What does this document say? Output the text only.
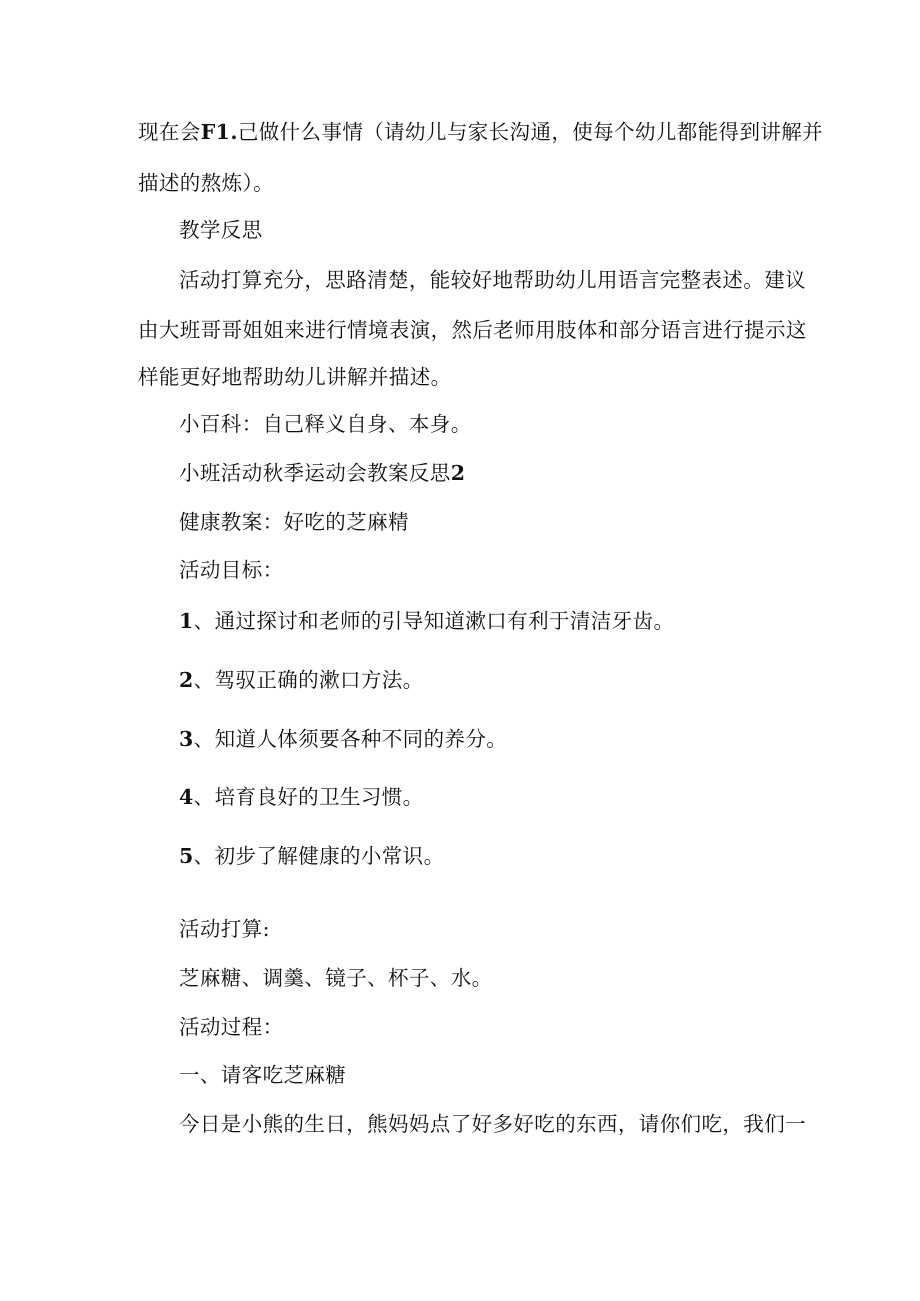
现在会F1.己做什么事情（请幼儿与家长沟通，使每个幼儿都能得到讲解并
描述的熬炼）。
教学反思
活动打算充分，思路清楚，能较好地帮助幼儿用语言完整表述。建议
由大班哥哥姐姐来进行情境表演，然后老师用肢体和部分语言进行提示这
样能更好地帮助幼儿讲解并描述。
小百科：自己释义自身、本身。
小班活动秋季运动会教案反思2
健康教案：好吃的芝麻精
活动目标：
1、通过探讨和老师的引导知道漱口有利于清洁牙齿。
2、驾驭正确的漱口方法。
3、知道人体须要各种不同的养分。
4、培育良好的卫生习惯。
5、初步了解健康的小常识。
活动打算:
芝麻糖、调羹、镜子、杯子、水。
活动过程：
一、请客吃芝麻糖
今日是小熊的生日，熊妈妈点了好多好吃的东西，请你们吃，我们一
